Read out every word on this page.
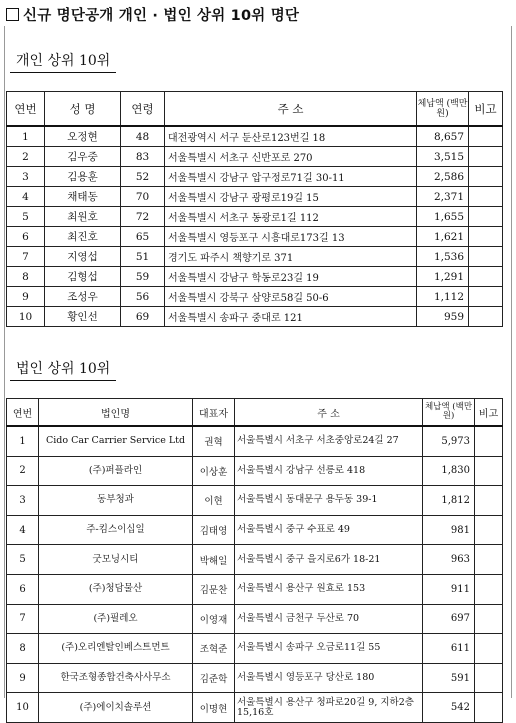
신규 명단공개 개인 · 법인 상위 10위 명단
개인 상위 10위
연번	성 명	연령	주 소	체납액 (백만원)	비고
1	오정현	48	대전광역시 서구 둔산로123번길 18	8,657	
2	김우중	83	서울특별시 서초구 신반포로 270	3,515	
3	김용훈	52	서울특별시 강남구 압구정로71길 30-11	2,586	
4	채태동	70	서울특별시 강남구 광평로19길 15	2,371	
5	최원호	72	서울특별시 서초구 동광로1길 112	1,655	
6	최진호	65	서울특별시 영등포구 시흥대로173길 13	1,621	
7	지영섭	51	경기도 파주시 책향기로 371	1,536	
8	김형섭	59	서울특별시 강남구 학동로23길 19	1,291	
9	조성우	56	서울특별시 강북구 삼양로58길 50-6	1,112	
10	황인선	69	서울특별시 송파구 중대로 121	959	
법인 상위 10위
연번	법인명	대표자	주 소	체납액 (백만원)	비고
1	Cido Car Carrier Service Ltd	권혁	서울특별시 서초구 서초중앙로24길 27	5,973	
2	(주)퍼플라인	이상훈	서울특별시 강남구 선릉로 418	1,830	
3	동부청과	이현	서울특별시 동대문구 용두동 39-1	1,812	
4	주-킴스이십일	김태영	서울특별시 중구 수표로 49	981	
5	굿모닝시티	박해일	서울특별시 중구 을지로6가 18-21	963	
6	(주)청담물산	김문찬	서울특별시 용산구 원효로 153	911	
7	(주)필레오	이영재	서울특별시 금천구 두산로 70	697	
8	(주)오리엔탈인베스트먼트	조혁준	서울특별시 송파구 오금로11길 55	611	
9	한국조형종합건축사사무소	김준학	서울특별시 영등포구 당산로 180	591	
10	(주)에이치솔루션	이명현	서울특별시 용산구 청파로20길 9, 지하2층 15,16호	542	
